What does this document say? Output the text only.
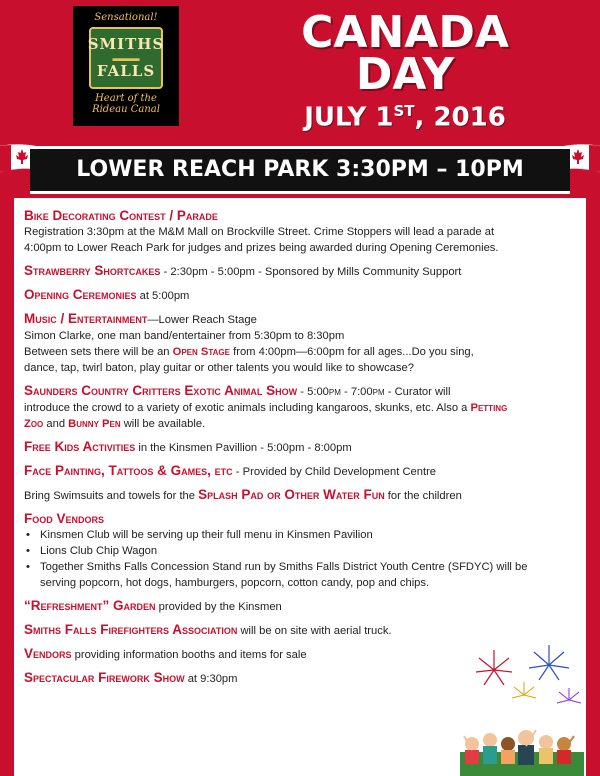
Sensational!
SMITHS
▬▬▬
FALLS
Heart of the
Rideau Canal
CANADA
DAY
JULY 1ST, 2016
LOWER REACH PARK 3:30PM – 10PM
Bike Decorating Contest / Parade
Registration 3:30pm at the M&M Mall on Brockville Street. Crime Stoppers will lead a parade at
4:00pm to Lower Reach Park for judges and prizes being awarded during Opening Ceremonies.
Strawberry Shortcakes - 2:30pm - 5:00pm - Sponsored by Mills Community Support
Opening Ceremonies at 5:00pm
Music / Entertainment—Lower Reach Stage
Simon Clarke, one man band/entertainer from 5:30pm to 8:30pm
Between sets there will be an Open Stage from 4:00pm—6:00pm for all ages...Do you sing,
dance, tap, twirl baton, play guitar or other talents you would like to showcase?
Saunders Country Critters Exotic Animal Show - 5:00pm - 7:00pm - Curator will
introduce the crowd to a variety of exotic animals including kangaroos, skunks, etc. Also a Petting
Zoo and Bunny Pen will be available.
Free Kids Activities in the Kinsmen Pavillion - 5:00pm - 8:00pm
Face Painting, Tattoos & Games, etc - Provided by Child Development Centre
Bring Swimsuits and towels for the Splash Pad or Other Water Fun for the children
Food Vendors
• Kinsmen Club will be serving up their full menu in Kinsmen Pavilion
• Lions Club Chip Wagon
• Together Smiths Falls Concession Stand run by Smiths Falls District Youth Centre (SFDYC) will be
serving popcorn, hot dogs, hamburgers, popcorn, cotton candy, pop and chips.
“Refreshment” Garden provided by the Kinsmen
Smiths Falls Firefighters Association will be on site with aerial truck.
Vendors providing information booths and items for sale
Spectacular Firework Show at 9:30pm
